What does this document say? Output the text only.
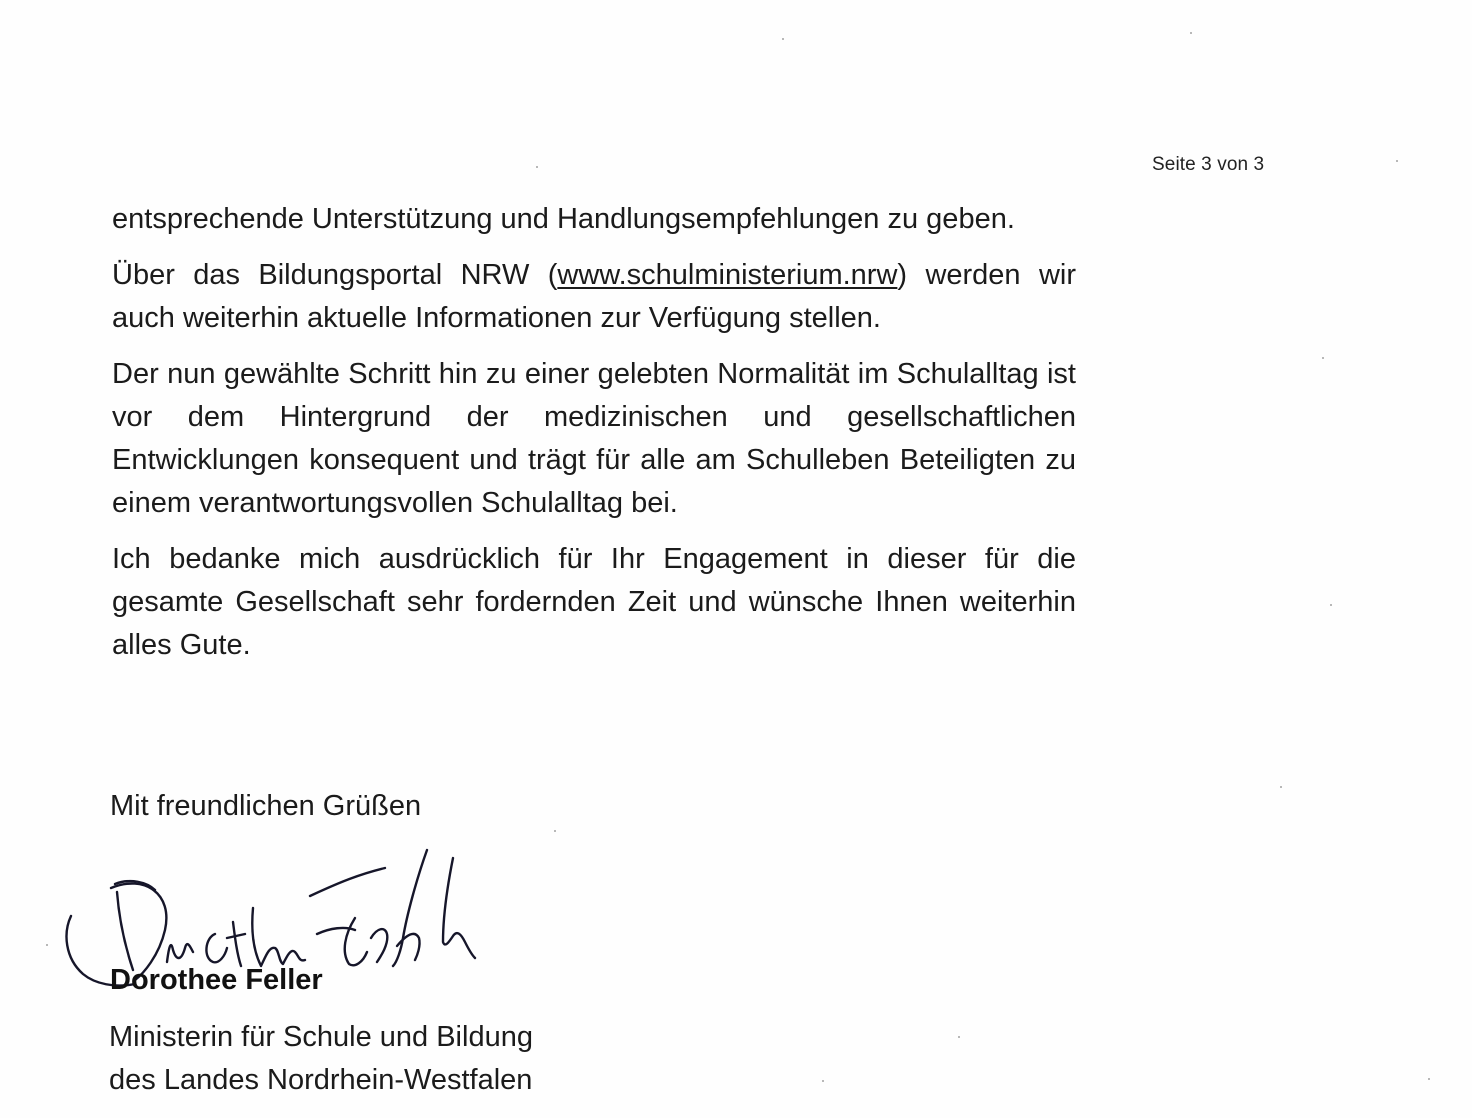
Seite 3 von 3

entsprechende Unterstützung und Handlungsempfehlungen zu geben.

Über das Bildungsportal NRW (www.schulministerium.nrw) werden wir auch weiterhin aktuelle Informationen zur Verfügung stellen.

Der nun gewählte Schritt hin zu einer gelebten Normalität im Schulalltag ist vor dem Hintergrund der medizinischen und gesellschaftlichen Entwicklungen konsequent und trägt für alle am Schulleben Beteiligten zu einem verantwortungsvollen Schulalltag bei.

Ich bedanke mich ausdrücklich für Ihr Engagement in dieser für die gesamte Gesellschaft sehr fordernden Zeit und wünsche Ihnen weiterhin alles Gute.

Mit freundlichen Grüßen
Dorothee Feller
Ministerin für Schule und Bildung
des Landes Nordrhein-Westfalen
